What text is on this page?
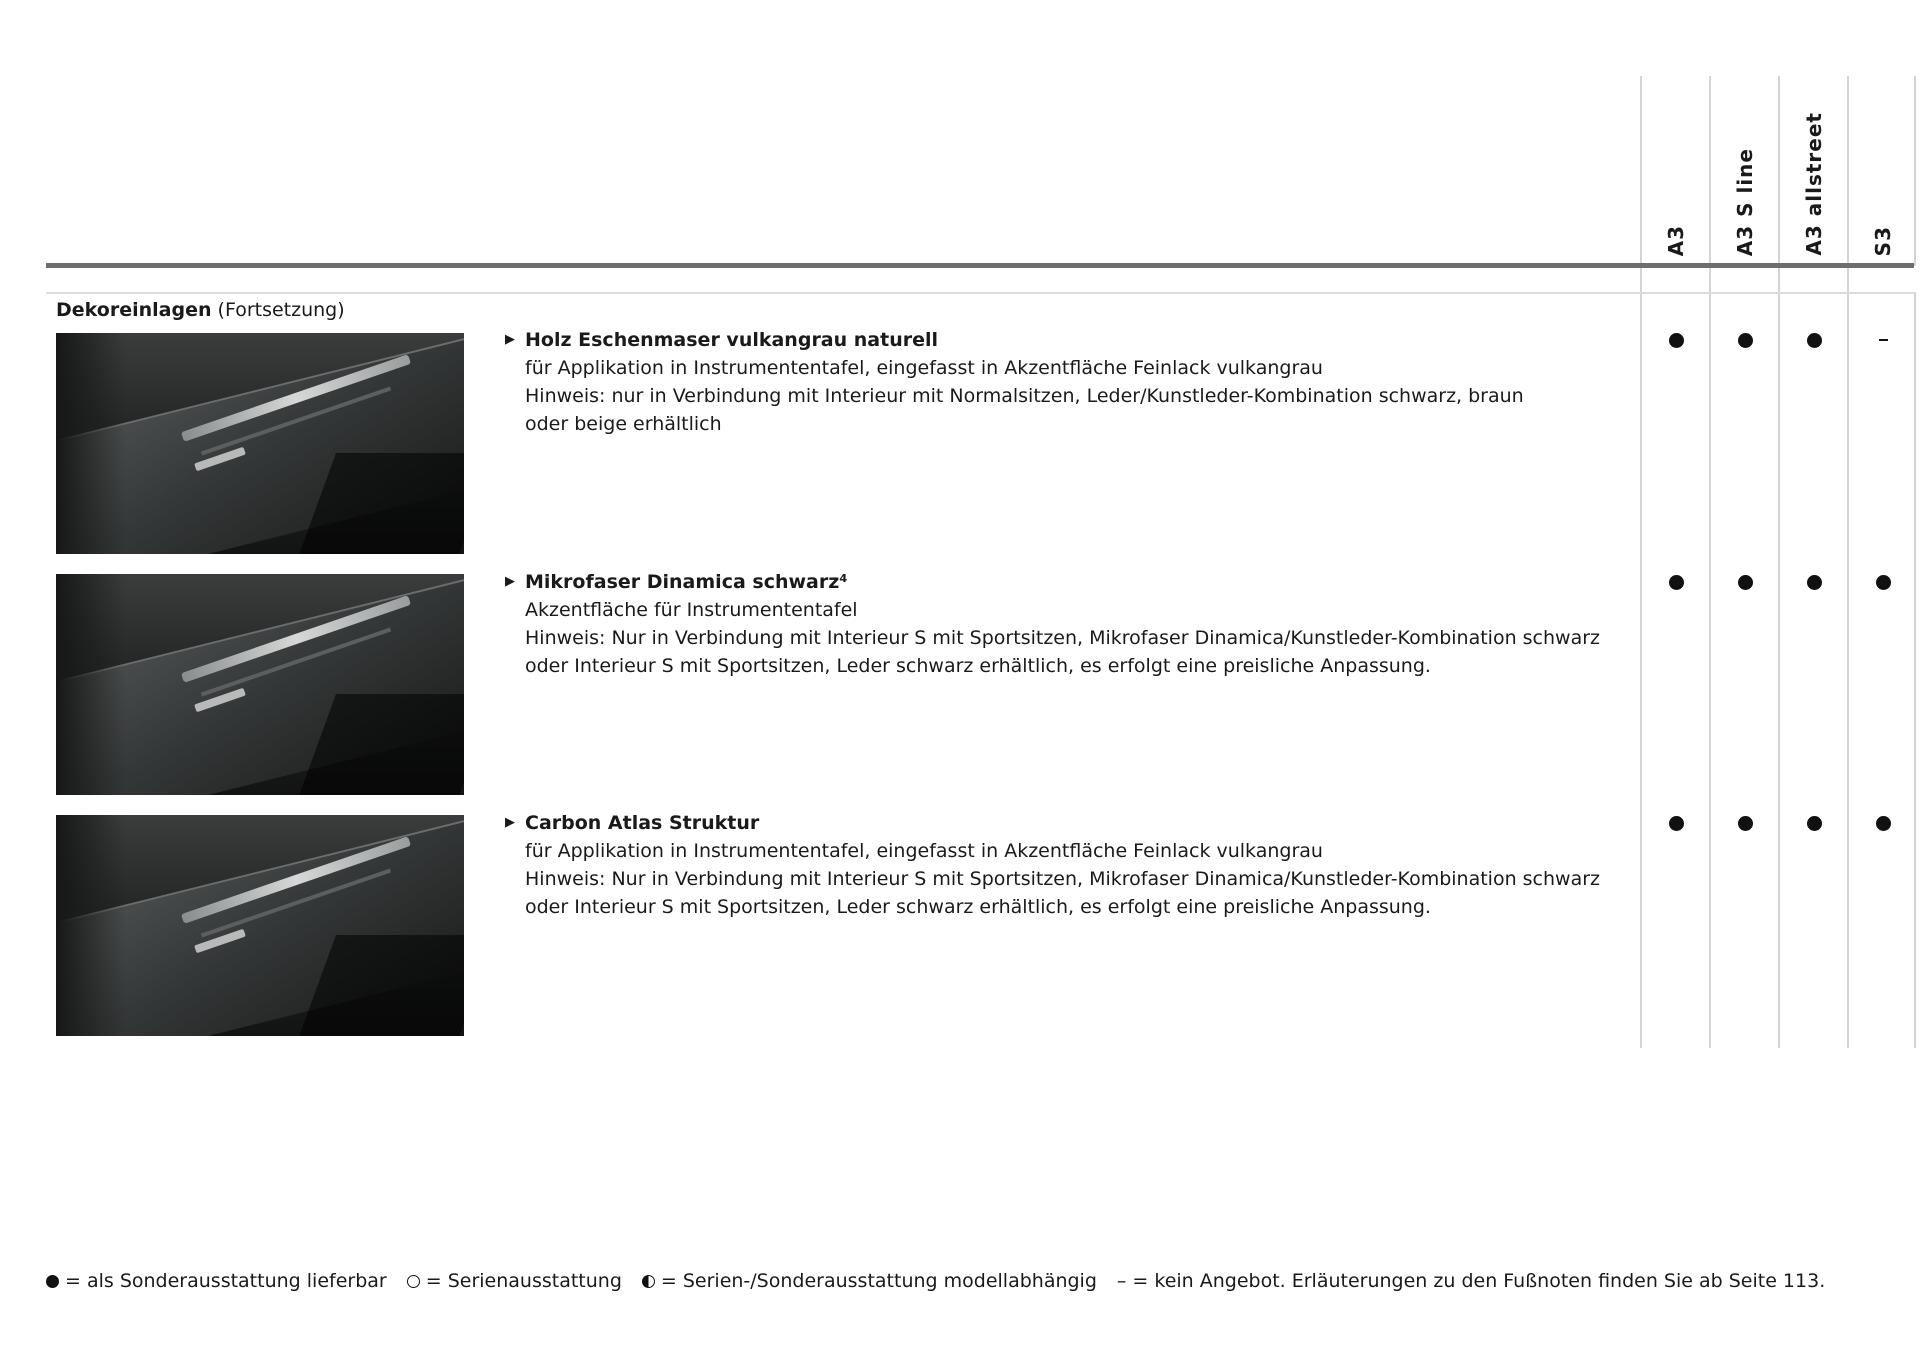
A3 A3 S line A3 allstreet S3
Dekoreinlagen (Fortsetzung)
▶ Holz Eschenmaser vulkangrau naturell
für Applikation in Instrumententafel, eingefasst in Akzentfläche Feinlack vulkangrau
Hinweis: nur in Verbindung mit Interieur mit Normalsitzen, Leder/Kunstleder-Kombination schwarz, braun
oder beige erhältlich
▶ Mikrofaser Dinamica schwarz⁴
Akzentfläche für Instrumententafel
Hinweis: Nur in Verbindung mit Interieur S mit Sportsitzen, Mikrofaser Dinamica/Kunstleder-Kombination schwarz
oder Interieur S mit Sportsitzen, Leder schwarz erhältlich, es erfolgt eine preisliche Anpassung.
▶ Carbon Atlas Struktur
für Applikation in Instrumententafel, eingefasst in Akzentfläche Feinlack vulkangrau
Hinweis: Nur in Verbindung mit Interieur S mit Sportsitzen, Mikrofaser Dinamica/Kunstleder-Kombination schwarz
oder Interieur S mit Sportsitzen, Leder schwarz erhältlich, es erfolgt eine preisliche Anpassung.
= als Sonderausstattung lieferbar = Serienausstattung = Serien-/Sonderausstattung modellabhängig – = kein Angebot. Erläuterungen zu den Fußnoten finden Sie ab Seite 113.
